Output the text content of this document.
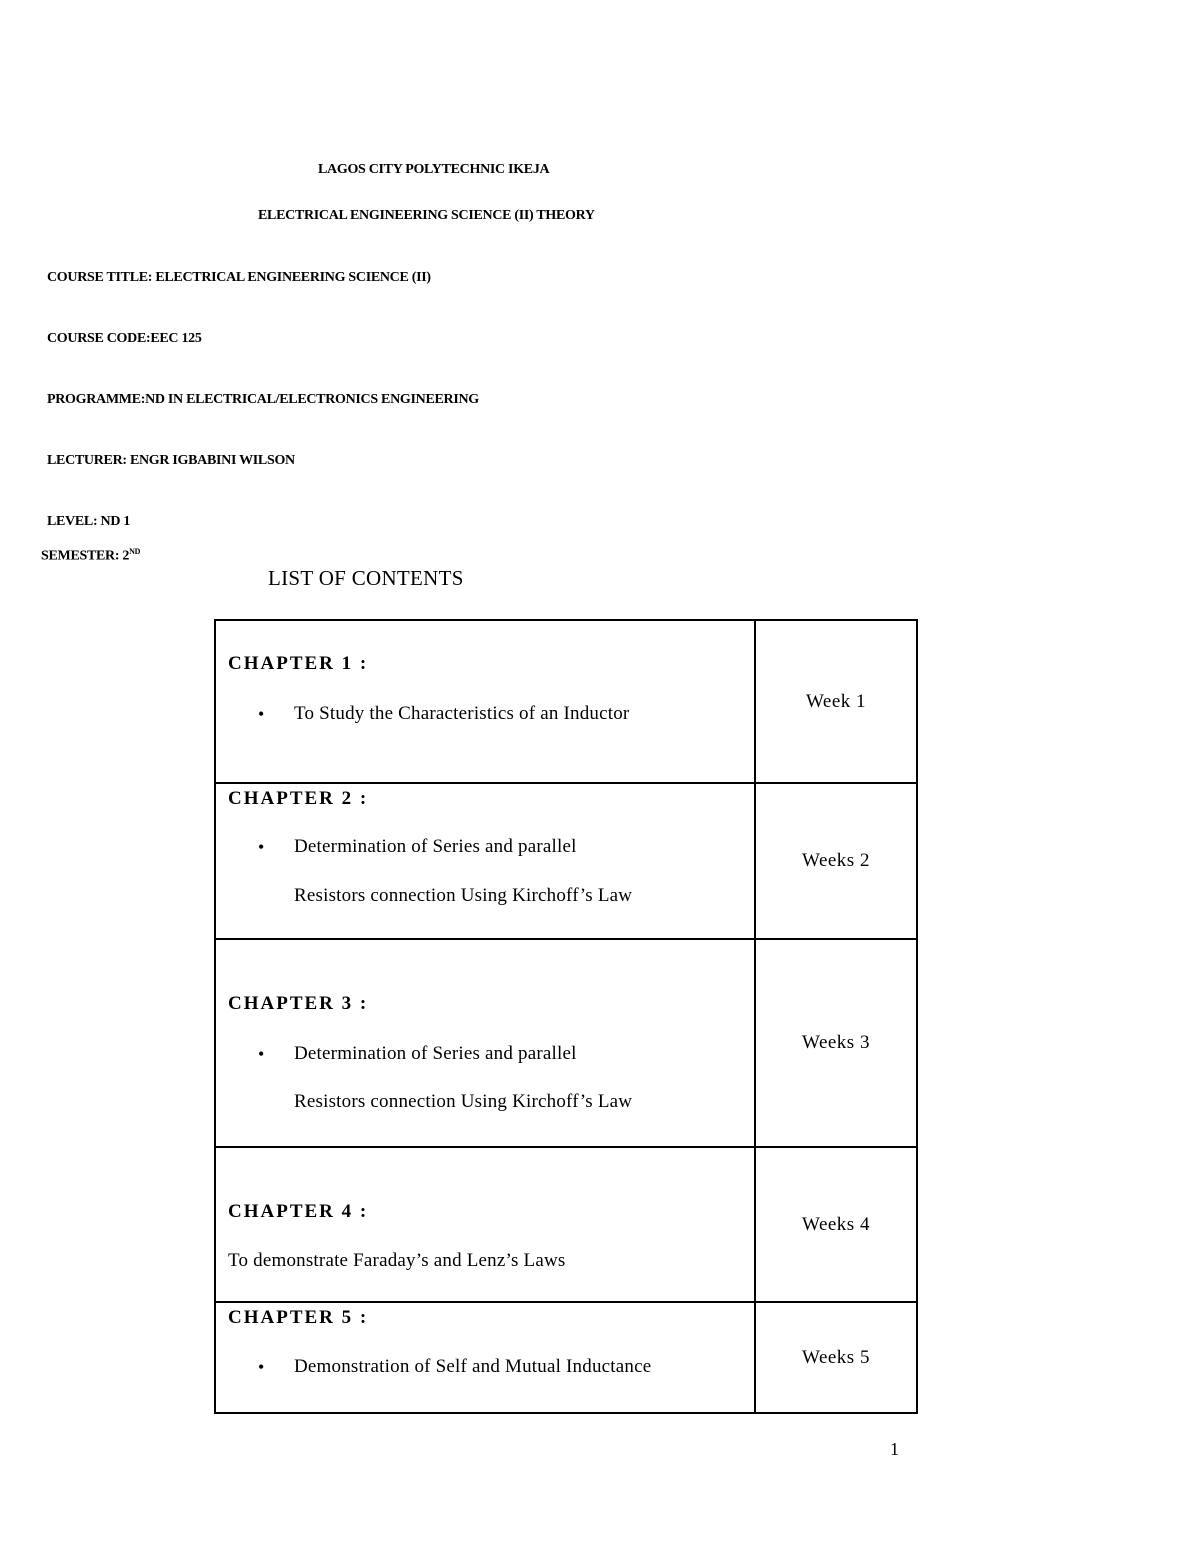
LAGOS CITY POLYTECHNIC IKEJA
ELECTRICAL ENGINEERING SCIENCE (II) THEORY
COURSE TITLE: ELECTRICAL ENGINEERING SCIENCE (II)
COURSE CODE:EEC 125
PROGRAMME:ND IN ELECTRICAL/ELECTRONICS ENGINEERING
LECTURER: ENGR IGBABINI WILSON
LEVEL: ND 1
SEMESTER: 2ND
LIST OF CONTENTS
CHAPTER 1 :
• To Study the Characteristics of an Inductor	Week 1

CHAPTER 2 :
• Determination of Series and parallel
Resistors connection Using Kirchoff’s Law	Weeks 2

CHAPTER 3 :
• Determination of Series and parallel
Resistors connection Using Kirchoff’s Law	Weeks 3

CHAPTER 4 :
To demonstrate Faraday’s and Lenz’s Laws	Weeks 4

CHAPTER 5 :
• Demonstration of Self and Mutual Inductance	Weeks 5
1
